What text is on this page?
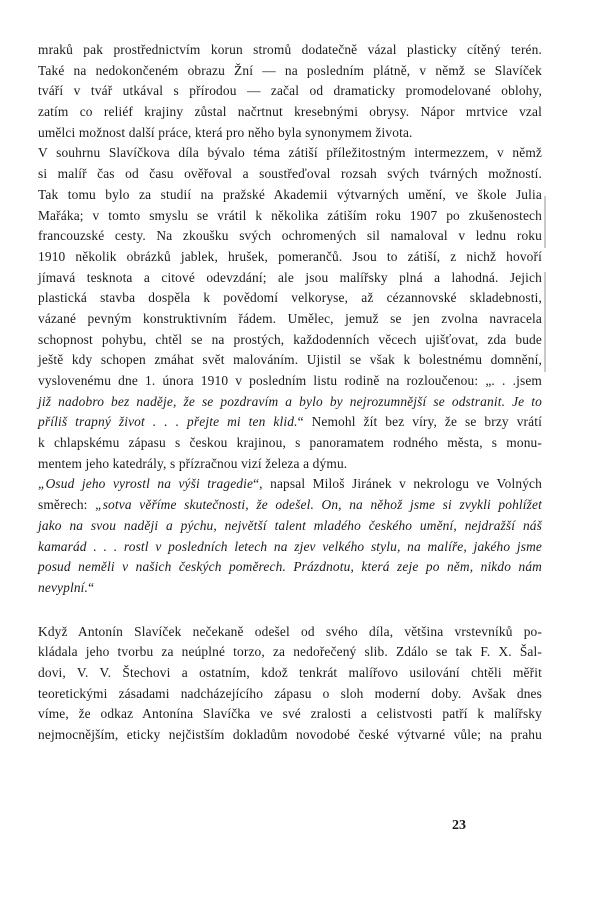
mraků pak prostřednictvím korun stromů dodatečně vázal plasticky cítěný terén.
Také na nedokončeném obrazu Žní — na posledním plátně, v němž se Slavíček
tváří v tvář utkával s přírodou — začal od dramaticky promodelované oblohy,
zatím co reliéf krajiny zůstal načrtnut kresebnými obrysy. Nápor mrtvice vzal
umělci možnost další práce, která pro něho byla synonymem života.
V souhrnu Slavíčkova díla bývalo téma zátiší příležitostným intermezzem, v němž
si malíř čas od času ověřoval a soustřeďoval rozsah svých tvárných možností.
Tak tomu bylo za studií na pražské Akademii výtvarných umění, ve škole Julia
Mařáka; v tomto smyslu se vrátil k několika zátiším roku 1907 po zkušenostech
francouzské cesty. Na zkoušku svých ochromených sil namaloval v lednu roku
1910 několik obrázků jablek, hrušek, pomerančů. Jsou to zátiší, z nichž hovoří
jímavá tesknota a citové odevzdání; ale jsou malířsky plná a lahodná. Jejich
plastická stavba dospěla k povědomí velkoryse, až cézannovské skladebnosti,
vázané pevným konstruktivním řádem. Umělec, jemuž se jen zvolna navracela
schopnost pohybu, chtěl se na prostých, každodenních věcech ujišťovat, zda bude
ještě kdy schopen zmáhat svět malováním. Ujistil se však k bolestnému domnění,
vyslovenému dne 1. února 1910 v posledním listu rodině na rozloučenou: „. . .jsem
již nadobro bez naděje, že se pozdravím a bylo by nejrozumnější se odstranit. Je to
příliš trapný život . . . přejte mi ten klid.“ Nemohl žít bez víry, že se brzy vrátí
k chlapskému zápasu s českou krajinou, s panoramatem rodného města, s monu-
mentem jeho katedrály, s přízračnou vizí železa a dýmu.
„Osud jeho vyrostl na výši tragedie“, napsal Miloš Jiránek v nekrologu ve Volných
směrech: „sotva věříme skutečnosti, že odešel. On, na něhož jsme si zvykli pohlížet
jako na svou naději a pýchu, největší talent mladého českého umění, nejdražší náš
kamarád . . . rostl v posledních letech na zjev velkého stylu, na malíře, jakého jsme
posud neměli v našich českých poměrech. Prázdnotu, která zeje po něm, nikdo nám
nevyplní.“
Když Antonín Slavíček nečekaně odešel od svého díla, většina vrstevníků po-
kládala jeho tvorbu za neúplné torzo, za nedořečený slib. Zdálo se tak F. X. Šal-
dovi, V. V. Štechovi a ostatním, kdož tenkrát malířovo usilování chtěli měřit
teoretickými zásadami nadcházejícího zápasu o sloh moderní doby. Avšak dnes
víme, že odkaz Antonína Slavíčka ve své zralosti a celistvosti patří k malířsky
nejmocnějším, eticky nejčistším dokladům novodobé české výtvarné vůle; na prahu
23
